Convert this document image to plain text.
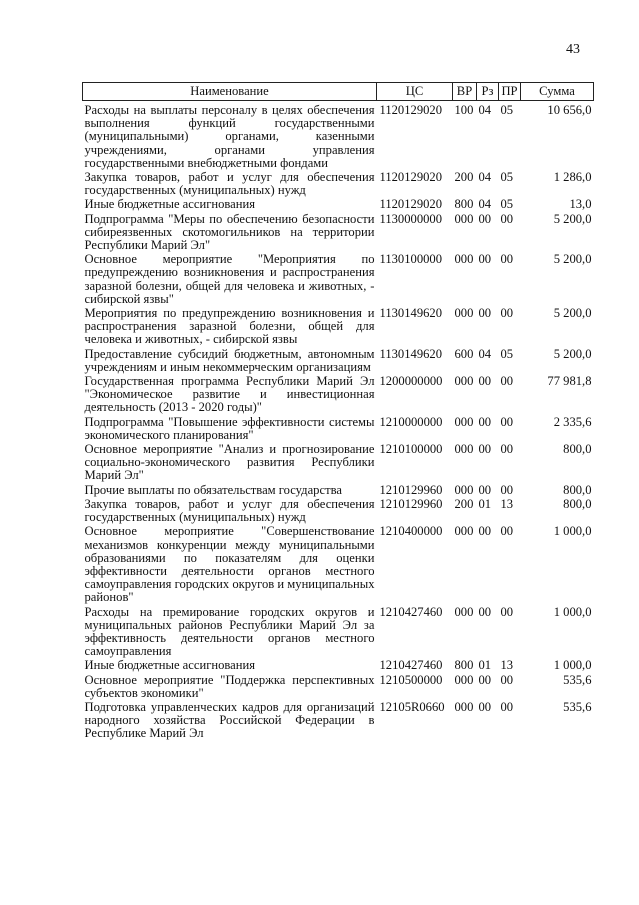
43
Наименование	ЦС	ВР	Рз	ПР	Сумма
Расходы на выплаты персоналу в целях обеспечения выполнения функций государственными (муниципальными) органами, казенными учреждениями, органами управления государственными внебюджетными фондами	1120129020	100	04	05	10 656,0
Закупка товаров, работ и услуг для обеспечения государственных (муниципальных) нужд	1120129020	200	04	05	1 286,0
Иные бюджетные ассигнования	1120129020	800	04	05	13,0
Подпрограмма "Меры по обеспечению безопасности сибиреязвенных скотомогильников на территории Республики Марий Эл"	1130000000	000	00	00	5 200,0
Основное мероприятие "Мероприятия по предупреждению возникновения и распространения заразной болезни, общей для человека и животных, - сибирской язвы"	1130100000	000	00	00	5 200,0
Мероприятия по предупреждению возникновения и распространения заразной болезни, общей для человека и животных, - сибирской язвы	1130149620	000	00	00	5 200,0
Предоставление субсидий бюджетным, автономным учреждениям и иным некоммерческим организациям	1130149620	600	04	05	5 200,0
Государственная программа Республики Марий Эл "Экономическое развитие и инвестиционная деятельность (2013 - 2020 годы)"	1200000000	000	00	00	77 981,8
Подпрограмма "Повышение эффективности системы экономического планирования"	1210000000	000	00	00	2 335,6
Основное мероприятие "Анализ и прогнозирование социально-экономического развития Республики Марий Эл"	1210100000	000	00	00	800,0
Прочие выплаты по обязательствам государства	1210129960	000	00	00	800,0
Закупка товаров, работ и услуг для обеспечения государственных (муниципальных) нужд	1210129960	200	01	13	800,0
Основное мероприятие "Совершенствование механизмов конкуренции между муниципальными образованиями по показателям для оценки эффективности деятельности органов местного самоуправления городских округов и муниципальных районов"	1210400000	000	00	00	1 000,0
Расходы на премирование городских округов и муниципальных районов Республики Марий Эл за эффективность деятельности органов местного самоуправления	1210427460	000	00	00	1 000,0
Иные бюджетные ассигнования	1210427460	800	01	13	1 000,0
Основное мероприятие "Поддержка перспективных субъектов экономики"	1210500000	000	00	00	535,6
Подготовка управленческих кадров для организаций народного хозяйства Российской Федерации в Республике Марий Эл	12105R0660	000	00	00	535,6
